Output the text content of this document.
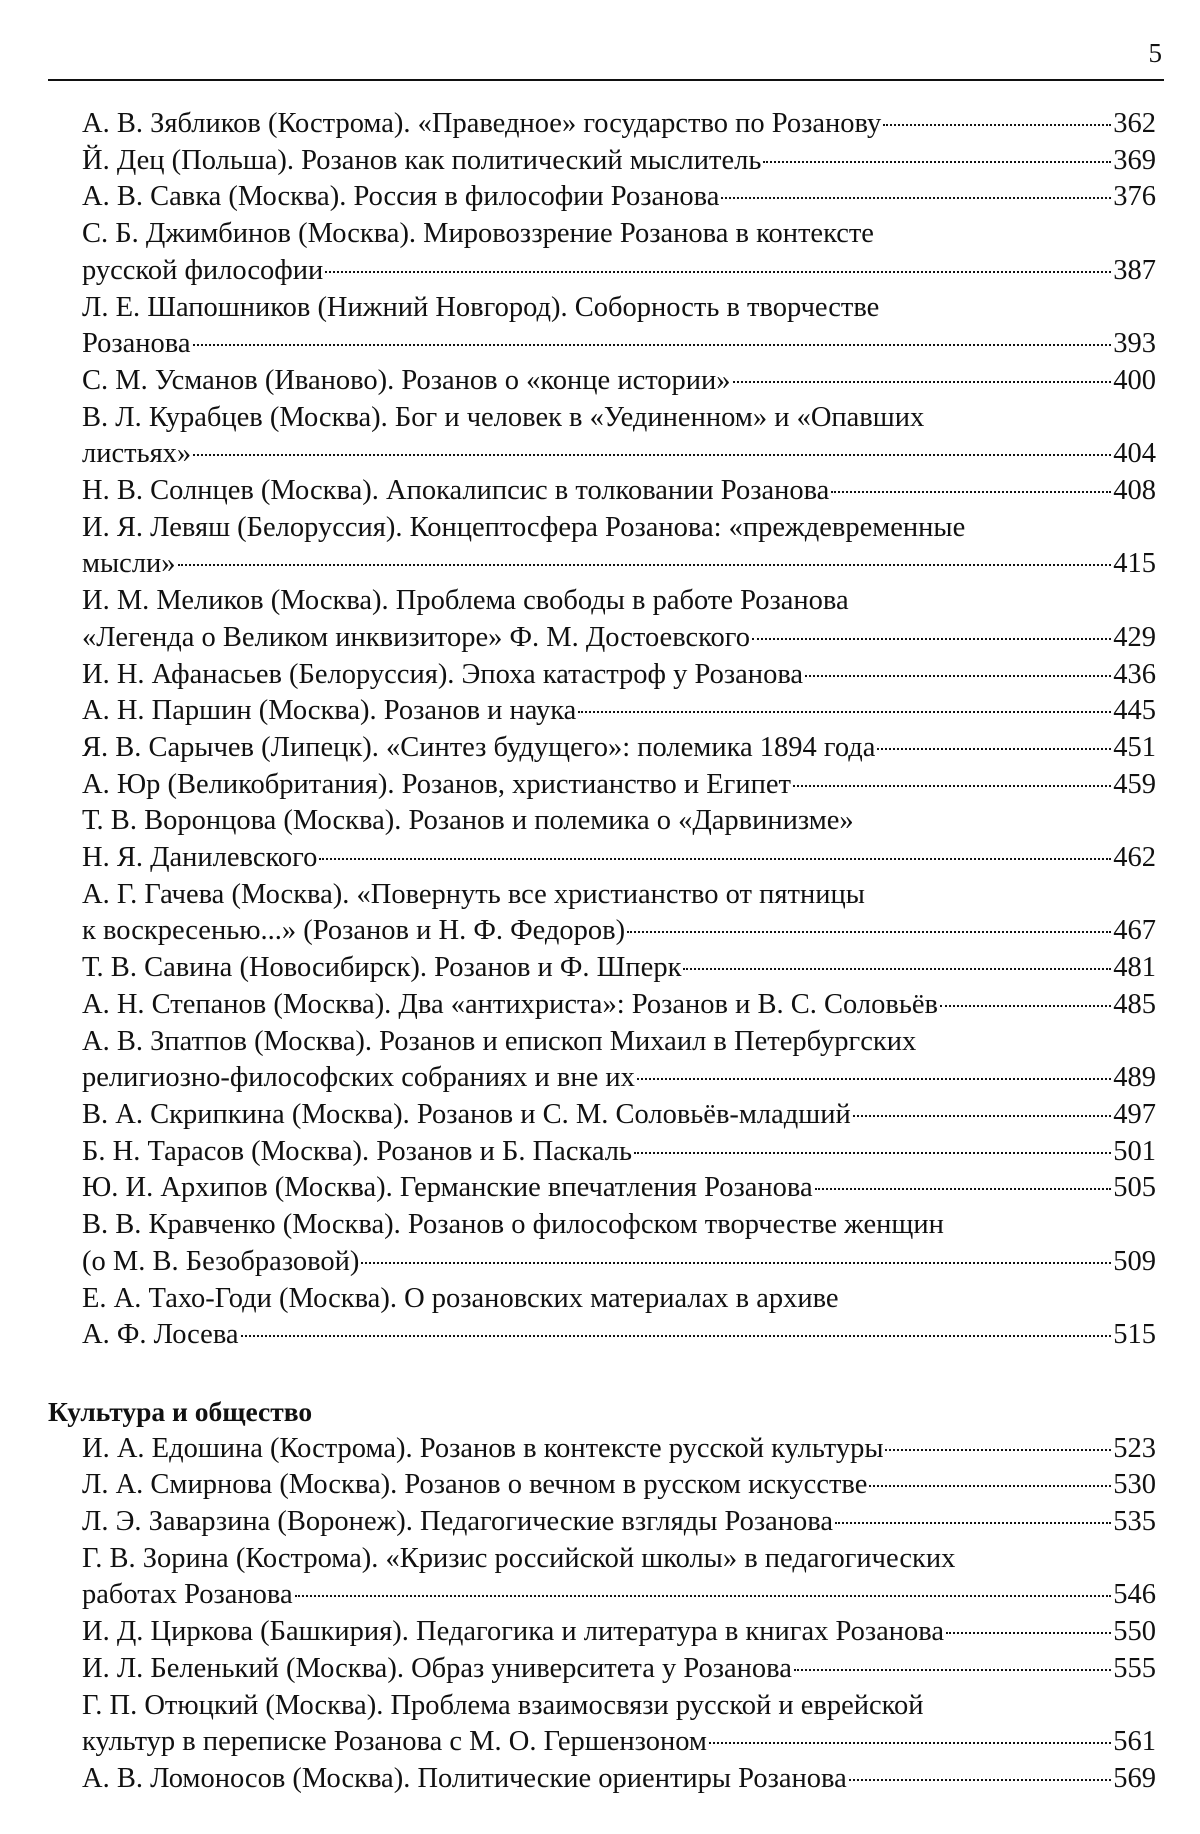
5
А. В. Зябликов (Кострома). «Праведное» государство по Розанову	362
Й. Дец (Польша). Розанов как политический мыслитель	369
А. В. Савка (Москва). Россия в философии Розанова	376
С. Б. Джимбинов (Москва). Мировоззрение Розанова в контексте
русской философии	387
Л. Е. Шапошников (Нижний Новгород). Соборность в творчестве
Розанова	393
С. М. Усманов (Иваново). Розанов о «конце истории»	400
В. Л. Курабцев (Москва). Бог и человек в «Уединенном» и «Опавших
листьях»	404
Н. В. Солнцев (Москва). Апокалипсис в толковании Розанова	408
И. Я. Левяш (Белоруссия). Концептосфера Розанова: «преждевременные
мысли»	415
И. М. Меликов (Москва). Проблема свободы в работе Розанова
«Легенда о Великом инквизиторе» Ф. М. Достоевского	429
И. Н. Афанасьев (Белоруссия). Эпоха катастроф у Розанова	436
А. Н. Паршин (Москва). Розанов и наука	445
Я. В. Сарычев (Липецк). «Синтез будущего»: полемика 1894 года	451
А. Юр (Великобритания). Розанов, христианство и Египет	459
Т. В. Воронцова (Москва). Розанов и полемика о «Дарвинизме»
Н. Я. Данилевского	462
А. Г. Гачева (Москва). «Повернуть все христианство от пятницы
к воскресенью...» (Розанов и Н. Ф. Федоров)	467
Т. В. Савина (Новосибирск). Розанов и Ф. Шперк	481
А. Н. Степанов (Москва). Два «антихриста»: Розанов и В. С. Соловьёв	485
А. В. Зпатпов (Москва). Розанов и епископ Михаил в Петербургских
религиозно-философских собраниях и вне их	489
В. А. Скрипкина (Москва). Розанов и С. М. Соловьёв-младший	497
Б. Н. Тарасов (Москва). Розанов и Б. Паскаль	501
Ю. И. Архипов (Москва). Германские впечатления Розанова	505
В. В. Кравченко (Москва). Розанов о философском творчестве женщин
(о М. В. Безобразовой)	509
Е. А. Тахо-Годи (Москва). О розановских материалах в архиве
А. Ф. Лосева	515
Культура и общество
И. А. Едошина (Кострома). Розанов в контексте русской культуры	523
Л. А. Смирнова (Москва). Розанов о вечном в русском искусстве	530
Л. Э. Заварзина (Воронеж). Педагогические взгляды Розанова	535
Г. В. Зорина (Кострома). «Кризис российской школы» в педагогических
работах Розанова	546
И. Д. Циркова (Башкирия). Педагогика и литература в книгах Розанова	550
И. Л. Беленький (Москва). Образ университета у Розанова	555
Г. П. Отюцкий (Москва). Проблема взаимосвязи русской и еврейской
культур в переписке Розанова с М. О. Гершензоном	561
А. В. Ломоносов (Москва). Политические ориентиры Розанова	569
